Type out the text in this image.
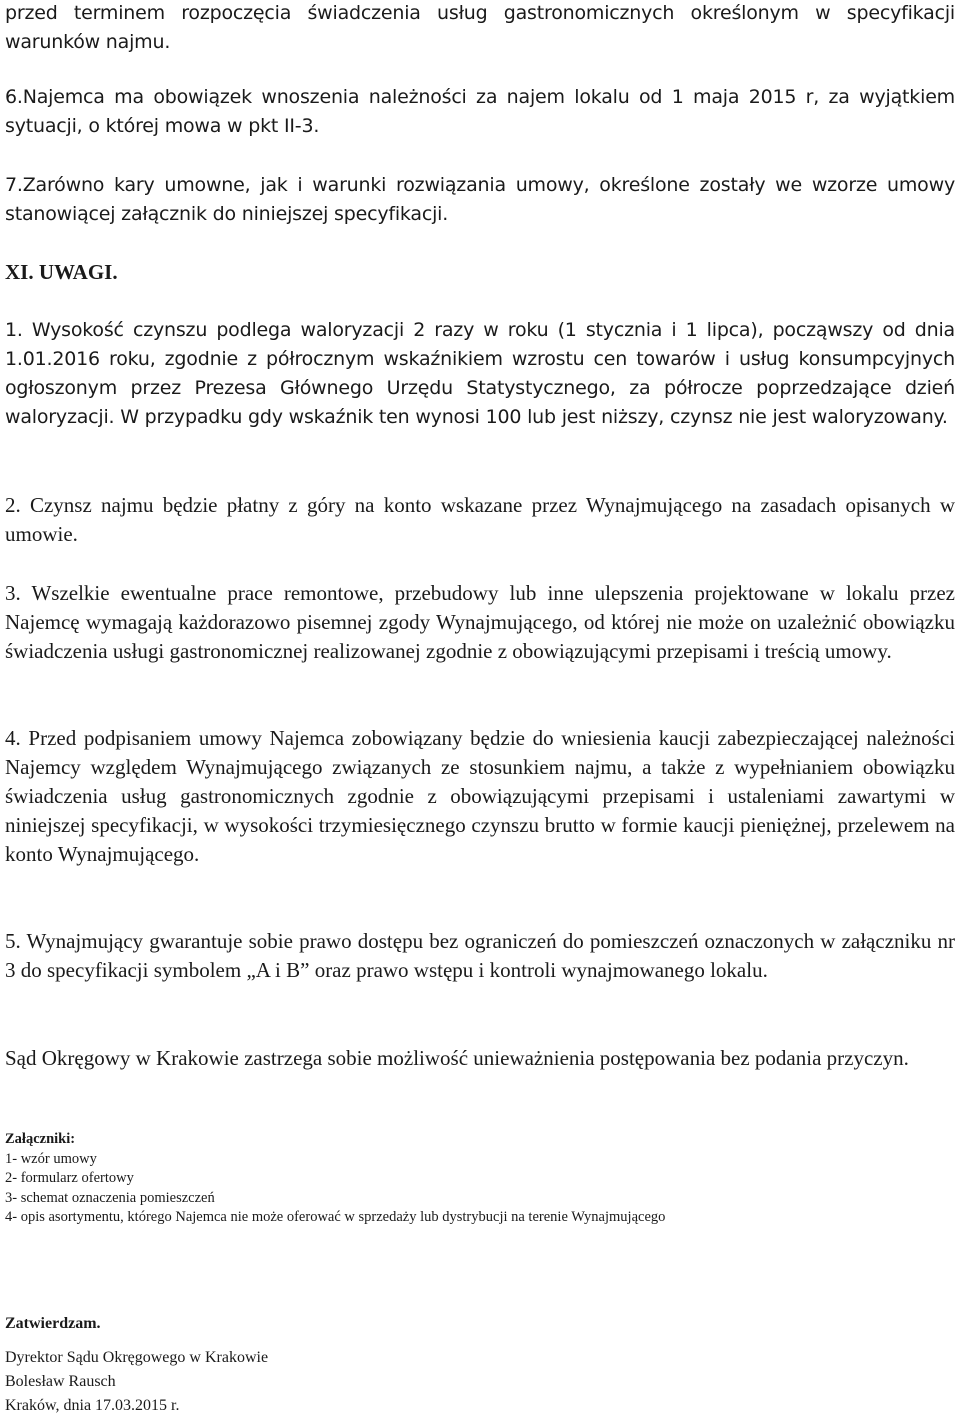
przed terminem rozpoczęcia świadczenia usług gastronomicznych określonym w specyfikacji warunków najmu.

6.Najemca ma obowiązek wnoszenia należności za najem lokalu od 1 maja 2015 r, za wyjątkiem sytuacji, o której mowa w pkt II-3.

7.Zarówno kary umowne, jak i warunki rozwiązania umowy, określone zostały we wzorze umowy stanowiącej załącznik do niniejszej specyfikacji.

XI. UWAGI.

1. Wysokość czynszu podlega waloryzacji 2 razy w roku (1 stycznia i 1 lipca), począwszy od dnia 1.01.2016 roku, zgodnie z półrocznym wskaźnikiem wzrostu cen towarów i usług konsumpcyjnych ogłoszonym przez Prezesa Głównego Urzędu Statystycznego, za półrocze poprzedzające dzień waloryzacji. W przypadku gdy wskaźnik ten wynosi 100 lub jest niższy, czynsz nie jest waloryzowany.

2. Czynsz najmu będzie płatny z góry na konto wskazane przez Wynajmującego na zasadach opisanych w umowie.

3. Wszelkie ewentualne prace remontowe, przebudowy lub inne ulepszenia projektowane w lokalu przez Najemcę wymagają każdorazowo pisemnej zgody Wynajmującego, od której nie może on uzależnić obowiązku świadczenia usługi gastronomicznej realizowanej zgodnie z obowiązującymi przepisami i treścią umowy.

4. Przed podpisaniem umowy Najemca zobowiązany będzie do wniesienia kaucji zabezpieczającej należności Najemcy względem Wynajmującego związanych ze stosunkiem najmu, a także z wypełnianiem obowiązku świadczenia usług gastronomicznych zgodnie z obowiązującymi przepisami i ustaleniami zawartymi w niniejszej specyfikacji, w wysokości trzymiesięcznego czynszu brutto w formie kaucji pieniężnej, przelewem na konto Wynajmującego.

5. Wynajmujący gwarantuje sobie prawo dostępu bez ograniczeń do pomieszczeń oznaczonych w załączniku nr 3 do specyfikacji symbolem „A i B” oraz prawo wstępu i kontroli wynajmowanego lokalu.

Sąd Okręgowy w Krakowie zastrzega sobie możliwość unieważnienia postępowania bez podania przyczyn.

Załączniki:
1- wzór umowy
2- formularz ofertowy
3- schemat oznaczenia pomieszczeń
4- opis asortymentu, którego Najemca nie może oferować w sprzedaży lub dystrybucji na terenie Wynajmującego
Zatwierdzam.
Dyrektor Sądu Okręgowego w Krakowie
Bolesław Rausch
Kraków, dnia 17.03.2015 r.
